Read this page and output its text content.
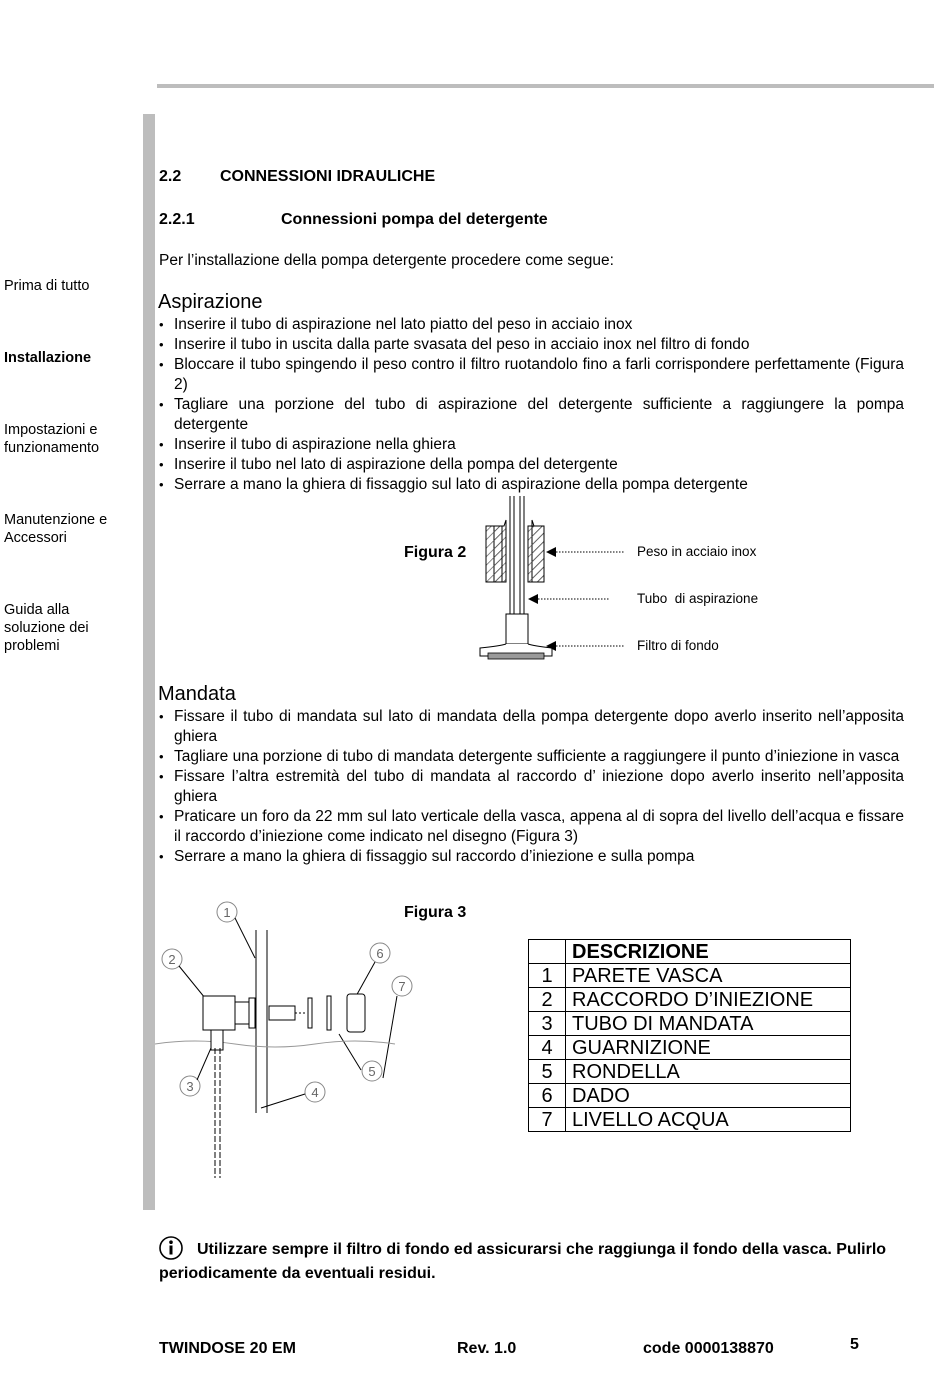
Prima di tutto
Installazione
Impostazioni e
funzionamento
Manutenzione e
Accessori
Guida alla
soluzione dei
problemi
2.2 CONNESSIONI IDRAULICHE
2.2.1	Connessioni pompa del detergente
Per l’installazione della pompa detergente procedere come segue:
Aspirazione
• Inserire il tubo di aspirazione nel lato piatto del peso in acciaio inox
• Inserire il tubo in uscita dalla parte svasata del peso in acciaio inox nel filtro di fondo
• Bloccare il tubo spingendo il peso contro il filtro ruotandolo fino a farli corrispondere perfettamente (Figura 2)
• Tagliare una porzione del tubo di aspirazione del detergente sufficiente a raggiungere la pompa detergente
• Inserire il tubo di aspirazione nella ghiera
• Inserire il tubo nel lato di aspirazione della pompa del detergente
• Serrare a mano la ghiera di fissaggio sul lato di aspirazione della pompa detergente
Figura 2	Peso in acciaio inox
Tubo  di aspirazione
Filtro di fondo
Mandata
• Fissare il tubo di mandata sul lato di mandata della pompa detergente dopo averlo inserito nell’apposita ghiera
• Tagliare una porzione di tubo di mandata detergente sufficiente a raggiungere il punto d’iniezione in vasca
• Fissare l’altra estremità del tubo di mandata al raccordo d’ iniezione dopo averlo inserito nell’apposita ghiera
• Praticare un foro da 22 mm sul lato verticale della vasca, appena al di sopra del livello dell’acqua e fissare il raccordo d’iniezione come indicato nel disegno (Figura 3)
• Serrare a mano la ghiera di fissaggio sul raccordo d’iniezione e sulla pompa
Figura 3
1
2
3	4
5
6
7
	DESCRIZIONE
1	PARETE VASCA
2	RACCORDO D’INIEZIONE
3	TUBO DI MANDATA
4	GUARNIZIONE
5	RONDELLA
6	DADO
7	LIVELLO ACQUA
Utilizzare sempre il filtro di fondo ed assicurarsi che raggiunga il fondo della vasca. Pulirlo periodicamente da eventuali residui.
TWINDOSE 20 EM	Rev. 1.0	code 0000138870	5
